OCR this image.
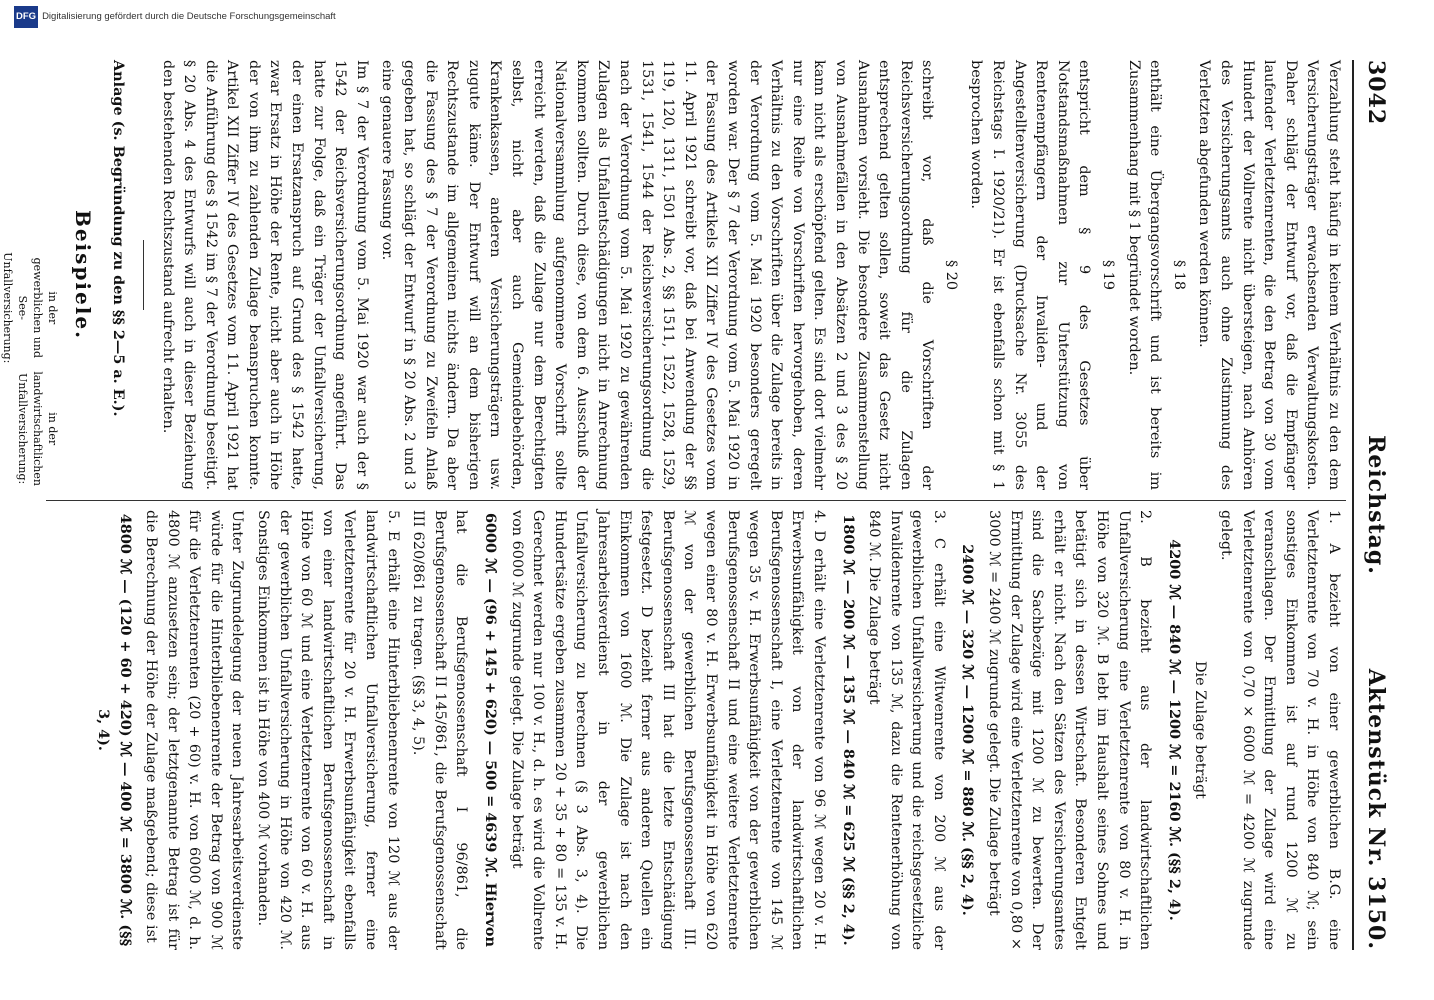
3042
Reichstag.
Aktenstück Nr. 3150.

Verzahlung steht häufig in keinem Verhältnis zu den dem Versicherungsträger erwachsenden Verwaltungskosten. Daher schlägt der Entwurf vor, daß die Empfänger laufender Verletztenrenten, die den Betrag von 30 vom Hundert der Vollrente nicht übersteigen, nach Anhören des Versicherungsamts auch ohne Zustimmung des Verletzten abgefunden werden können.

§ 18

enthält eine Übergangsvorschrift und ist bereits im Zusammenhang mit § 1 begründet worden.

§ 19

entspricht dem § 9 des Gesetzes über Notstandsmaßnahmen zur Unterstützung von Rentenempfängern der Invaliden- und der Angestelltenversicherung (Drucksache Nr. 3055 des Reichstags I. 1920/21). Er ist ebenfalls schon mit § 1 besprochen worden.

§ 20

schreibt vor, daß die Vorschriften der Reichsversicherungsordnung für die Zulagen entsprechend gelten sollen, soweit das Gesetz nicht Ausnahmen vorsieht. Die besondere Zusammenstellung von Ausnahmefällen in den Absätzen 2 und 3 des § 20 kann nicht als erschöpfend gelten. Es sind dort vielmehr nur eine Reihe von Vorschriften hervorgehoben, deren Verhältnis zu den Vorschriften über die Zulage bereits in der Verordnung vom 5. Mai 1920 besonders geregelt worden war. Der § 7 der Verordnung vom 5. Mai 1920 in der Fassung des Artikels XII Ziffer IV des Gesetzes vom 11. April 1921 schreibt vor, daß bei Anwendung der §§ 119, 120, 1311, 1501 Abs. 2, §§ 1511, 1522, 1528, 1529, 1531, 1541, 1544 der Reichsversicherungsordnung die nach der Verordnung vom 5. Mai 1920 zu gewährenden Zulagen als Unfallentschädigungen nicht in Anrechnung kommen sollten. Durch diese, von dem 6. Ausschuß der Nationalversammlung aufgenommene Vorschrift sollte erreicht werden, daß die Zulage nur dem Berechtigten selbst, nicht aber auch Gemeindebehörden, Krankenkassen, anderen Versicherungsträgern usw. zugute käme. Der Entwurf will an dem bisherigen Rechtszustande im allgemeinen nichts ändern. Da aber die Fassung des § 7 der Verordnung zu Zweifeln Anlaß gegeben hat, so schlägt der Entwurf in § 20 Abs. 2 und 3 eine genauere Fassung vor.

Im § 7 der Verordnung vom 5. Mai 1920 war auch der § 1542 der Reichsversicherungsordnung angeführt. Das hatte zur Folge, daß ein Träger der Unfallversicherung, der einen Ersatzanspruch auf Grund des § 1542 hatte, zwar Ersatz in Höhe der Rente, nicht aber auch in Höhe der von ihm zu zahlenden Zulage beanspruchen konnte. Artikel XII Ziffer IV des Gesetzes vom 11. April 1921 hat die Anführung des § 1542 im § 7 der Verordnung beseitigt. § 20 Abs. 4 des Entwurfs will auch in dieser Beziehung den bestehenden Rechtszustand aufrecht erhalten.

Anlage (s. Begründung zu den §§ 2—5 a. E.).
Beispiele.
	in der gewerblichen und See-Unfallversicherung:	in der landwirtschaftlichen Unfallversicherung:

1. A bezieht von einer gewerblichen B.G. eine Verletztenrente von 70 v. H. in Höhe von 840 ℳ; sein sonstiges Einkommen ist auf rund 1200 ℳ zu veranschlagen. Der Ermittlung der Zulage wird eine Verletztenrente von 0,70 × 6000 ℳ = 4200 ℳ zugrunde gelegt.

Die Zulage beträgt
4200 ℳ — 840 ℳ — 1200 ℳ = 2160 ℳ. (§§ 2, 4).

2. B bezieht aus der landwirtschaftlichen Unfallversicherung eine Verletztenrente von 80 v. H. in Höhe von 320 ℳ. B lebt im Haushalt seines Sohnes und betätigt sich in dessen Wirtschaft. Besonderen Entgelt erhält er nicht. Nach den Sätzen des Versicherungsamtes sind die Sachbezüge mit 1200 ℳ zu bewerten. Der Ermittlung der Zulage wird eine Verletztenrente von 0,80 × 3000 ℳ = 2400 ℳ zugrunde gelegt. Die Zulage beträgt

2400 ℳ — 320 ℳ — 1200 ℳ = 880 ℳ. (§§ 2, 4).

3. C erhält eine Witwenrente von 200 ℳ aus der gewerblichen Unfallversicherung und die reichsgesetzliche Invalidenrente von 135 ℳ, dazu die Rentenerhöhung von 840 ℳ. Die Zulage beträgt

1800 ℳ — 200 ℳ — 135 ℳ — 840 ℳ = 625 ℳ (§§ 2, 4).

4. D erhält eine Verletztenrente von 96 ℳ wegen 20 v. H. Erwerbsunfähigkeit von der landwirtschaftlichen Berufsgenossenschaft I, eine Verletztenrente von 145 ℳ wegen 35 v. H. Erwerbsunfähigkeit von der gewerblichen Berufsgenossenschaft II und eine weitere Verletztenrente wegen einer 80 v. H. Erwerbsunfähigkeit in Höhe von 620 ℳ von der gewerblichen Berufsgenossenschaft III. Berufsgenossenschaft III hat die letzte Entschädigung festgesetzt. D bezieht ferner aus anderen Quellen ein Einkommen von 1600 ℳ. Die Zulage ist nach den Jahresarbeitsverdienst in der gewerblichen Unfallversicherung zu berechnen (§ 3 Abs. 3, 4). Die Hundertsätze ergeben zusammen 20 + 35 + 80 = 135 v. H. Gerechnet werden nur 100 v. H., d. h. es wird die Vollrente von 6000 ℳ zugrunde gelegt. Die Zulage beträgt

6000 ℳ — (96 + 145 + 620) — 500 = 4639 ℳ. Hiervon

hat die Berufsgenossenschaft I 96/861, die Berufsgenossenschaft II 145/861, die Berufsgenossenschaft III 620/861 zu tragen. (§§ 3, 4, 5).

5. E erhält eine Hinterbliebenenrente von 120 ℳ aus der landwirtschaftlichen Unfallversicherung, ferner eine Verletztenrente für 20 v. H. Erwerbsunfähigkeit ebenfalls von einer landwirtschaftlichen Berufsgenossenschaft in Höhe von 60 ℳ und eine Verletztenrente von 60 v. H. aus der gewerblichen Unfallversicherung in Höhe von 420 ℳ. Sonstiges Einkommen ist in Höhe von 400 ℳ vorhanden.

Unter Zugrundelegung der neuen Jahresarbeitsverdienste würde für die Hinterbliebenenrente der Betrag von 900 ℳ für die Verletztenrenten (20 + 60) v. H. von 6000 ℳ, d. h. 4800 ℳ anzusetzen sein; der letztgenannte Betrag ist für die Berechnung der Höhe der Zulage maßgebend; diese ist

4800 ℳ — (120 + 60 + 420) ℳ — 400 ℳ = 3800 ℳ. (§§ 3, 4).
DFG Digitalisierung gefördert durch die Deutsche Forschungsgemeinschaft
